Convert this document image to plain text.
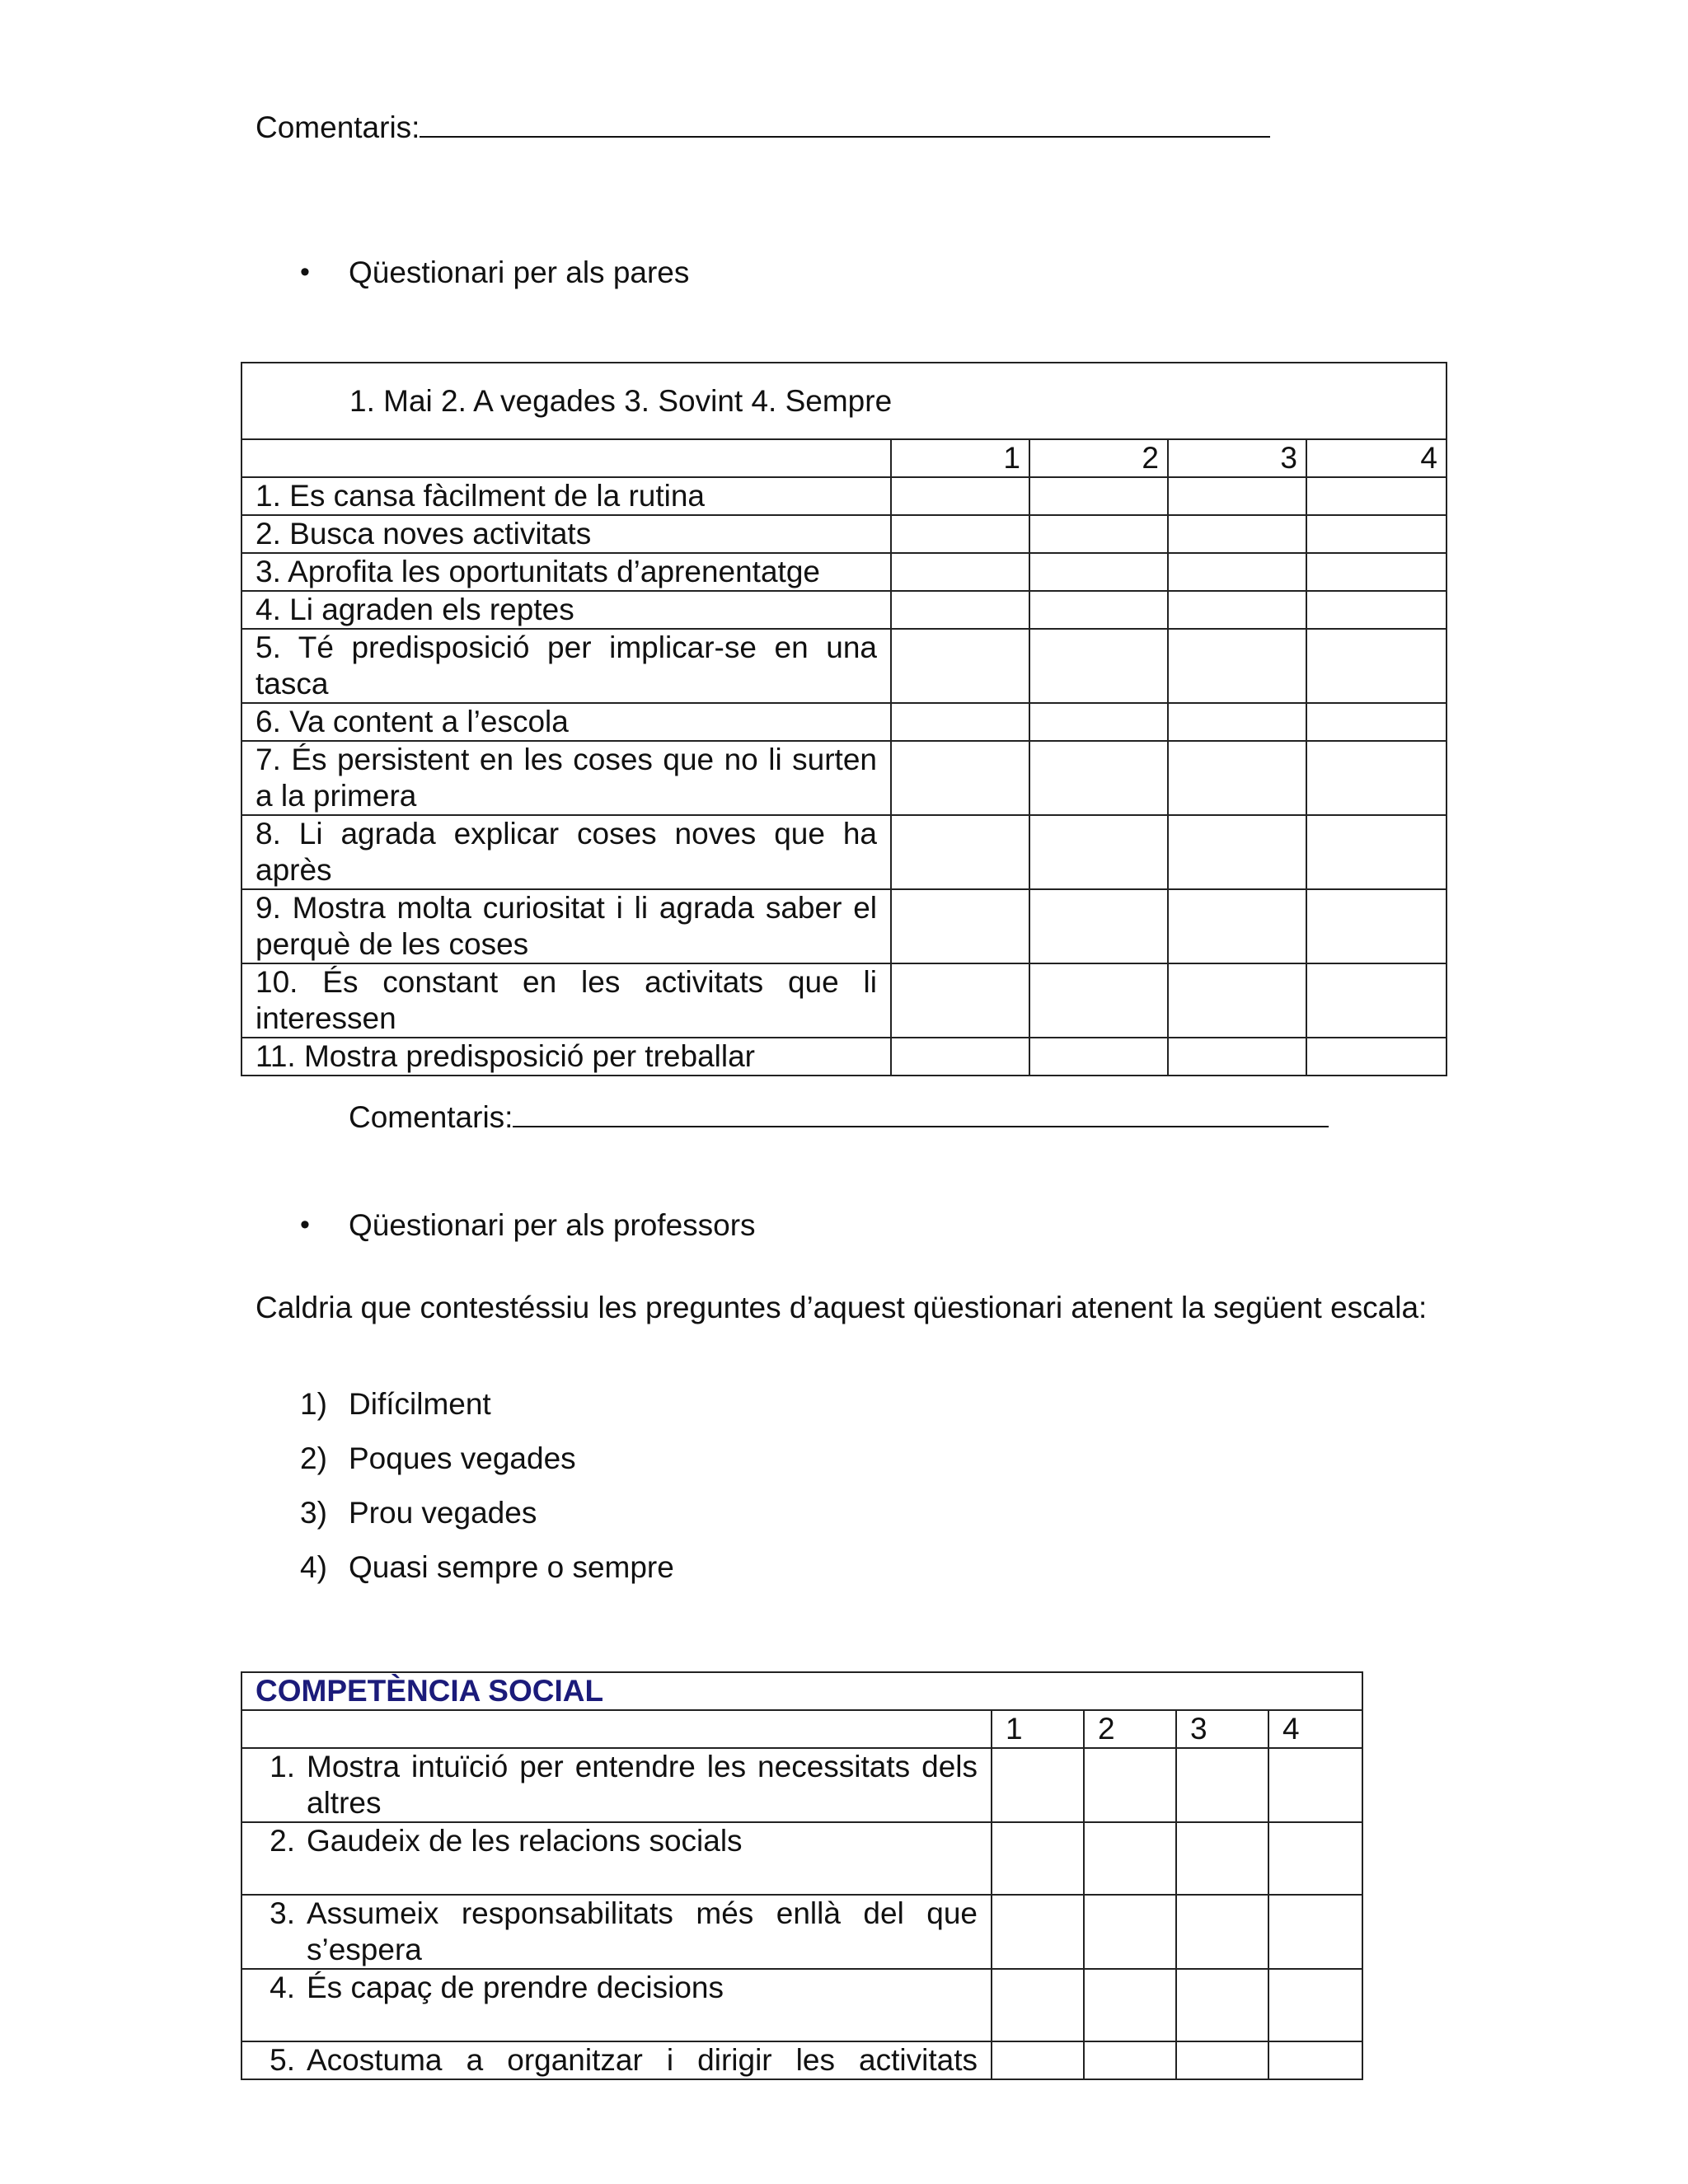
Comentaris:
• Qüestionari per als pares
1. Mai 2. A vegades 3. Sovint 4. Sempre				
	1	2	3	4
1. Es cansa fàcilment de la rutina				
2. Busca noves activitats				
3. Aprofita les oportunitats d’aprenentatge				
4. Li agraden els reptes				
5. Té predisposició per implicar-se en una tasca				
6. Va content a l’escola				
7. És persistent en les coses que no li surten a la primera				
8. Li agrada explicar coses noves que ha après				
9. Mostra molta curiositat i li agrada saber el perquè de les coses				
10. És constant en les activitats que li interessen				
11. Mostra predisposició per treballar				
Comentaris:
• Qüestionari per als professors
Caldria que contestéssiu les preguntes d’aquest qüestionari atenent la següent escala:
1) Difícilment
2) Poques vegades
3) Prou vegades
4) Quasi sempre o sempre
COMPETÈNCIA SOCIAL				
	1	2	3	4

1. Mostra intuïció per entendre les necessitats dels altres				

2. Gaudeix de les relacions socials				

3. Assumeix responsabilitats més enllà del que s’espera				

4. És capaç de prendre decisions				

5. Acostuma a organitzar i dirigir les activitats				
